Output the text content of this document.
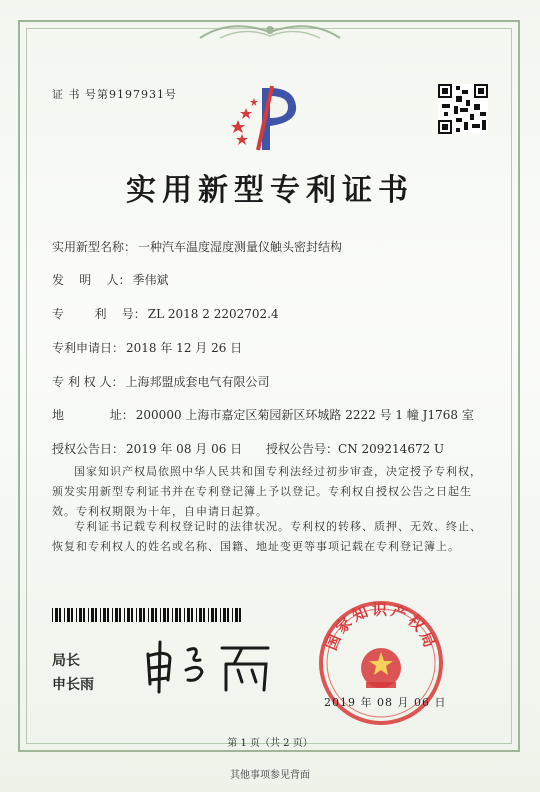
证 书 号第9197931号
实用新型专利证书
实用新型名称： 一种汽车温度湿度测量仪触头密封结构
发    明    人： 季伟斌
专        利    号： ZL 2018 2 2202702.4
专利申请日： 2018 年 12 月 26 日
专 利 权 人： 上海邦盟成套电气有限公司
地            址： 200000 上海市嘉定区菊园新区环城路 2222 号 1 幢 J1768 室
授权公告日： 2019 年 08 月 06 日 授权公告号：CN 209214672 U
国家知识产权局依照中华人民共和国专利法经过初步审查，决定授予专利权，颁发实用新型专利证书并在专利登记簿上予以登记。专利权自授权公告之日起生效。专利权期限为十年，自申请日起算。
专利证书记载专利权登记时的法律状况。专利权的转移、质押、无效、终止、恢复和专利权人的姓名或名称、国籍、地址变更等事项记载在专利登记簿上。
局长
申长雨
国家知识产权局
2019 年 08 月 06 日
第 1 页（共 2 页）
其他事项参见背面
